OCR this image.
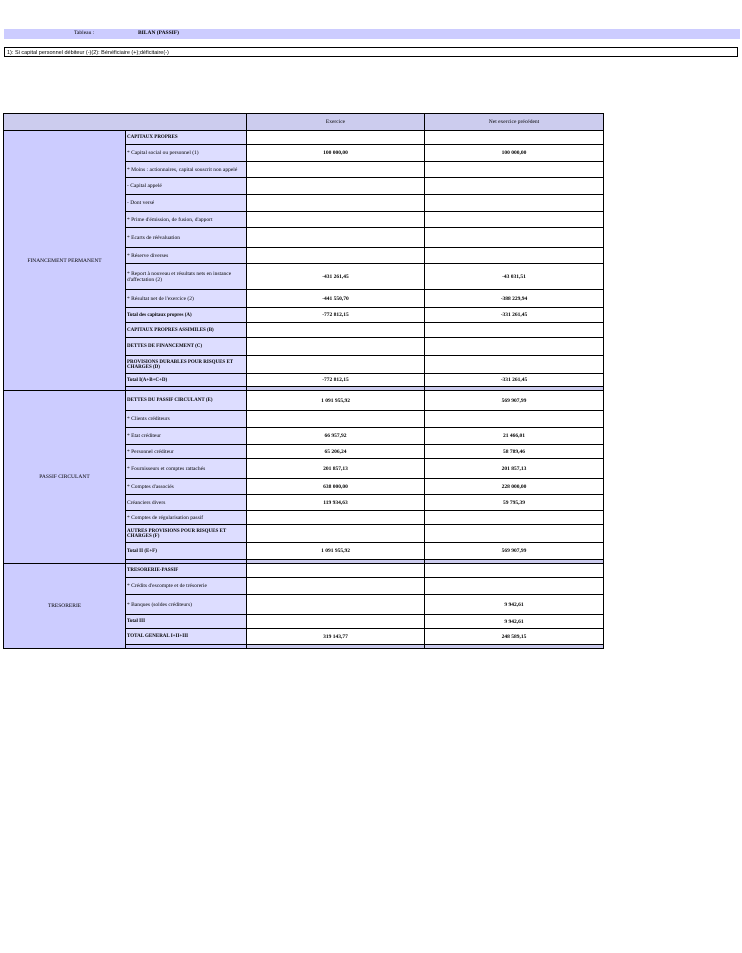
Tableau :	BILAN (PASSIF)
1): Si capital personnel débiteur (-)(2): Bénéficiaire (+);déficitaire(-)
		Exercice	Net exercice précédent
FINANCEMENT PERMANENT	CAPITAUX PROPRES		
	* Capital social ou personnel (1)	100 000,00	100 000,00
	* Moins : actionnaires, capital souscrit non appelé		
	- Capital appelé		
	- Dont versé		
	* Prime d'émission, de fusion, d'apport		
	* Ecarts de réévaluation		
	* Réserve diverses		
	* Report à nouveau et résultats nets en instance d'affectation (2)	-431 261,45	-43 031,51
	* Résultat net de l'exercice (2)	-441 550,70	-388 229,94
	Total des capitaux propres (A)	-772 812,15	-331 261,45
	CAPITAUX PROPRES ASSIMILES (B)		
	DETTES DE FINANCEMENT (C)		
	PROVISIONS DURABLES POUR RISQUES ET CHARGES (D)		
	Total I(A+B+C+D)	-772 812,15	-331 261,45

PASSIF CIRCULANT	DETTES DU PASSIF CIRCULANT (E)	1 091 955,92	569 907,99
	* Clients créditeurs		
	* Etat créditeur	66 957,92	21 466,01
	* Personnel créditeur	65 206,24	58 789,46
	* Fournisseurs et comptes rattachés	201 857,13	201 857,13
	* Comptes d'associés	638 000,00	228 000,00
	Créanciers divers	119 934,63	59 795,39
	* Comptes de régularisation passif		
	AUTRES PROVISIONS POUR RISQUES ET CHARGES (F)		
	Total II (E+F)	1 091 955,92	569 907,99

TRESORERIE	TRESORERIE-PASSIF		
	* Crédits d'escompte et de trésorerie		
	* Banques (soldes créditeurs)		9 942,61
	Total III		9 942,61
	TOTAL GENERAL I+II+III	319 143,77	248 589,15
